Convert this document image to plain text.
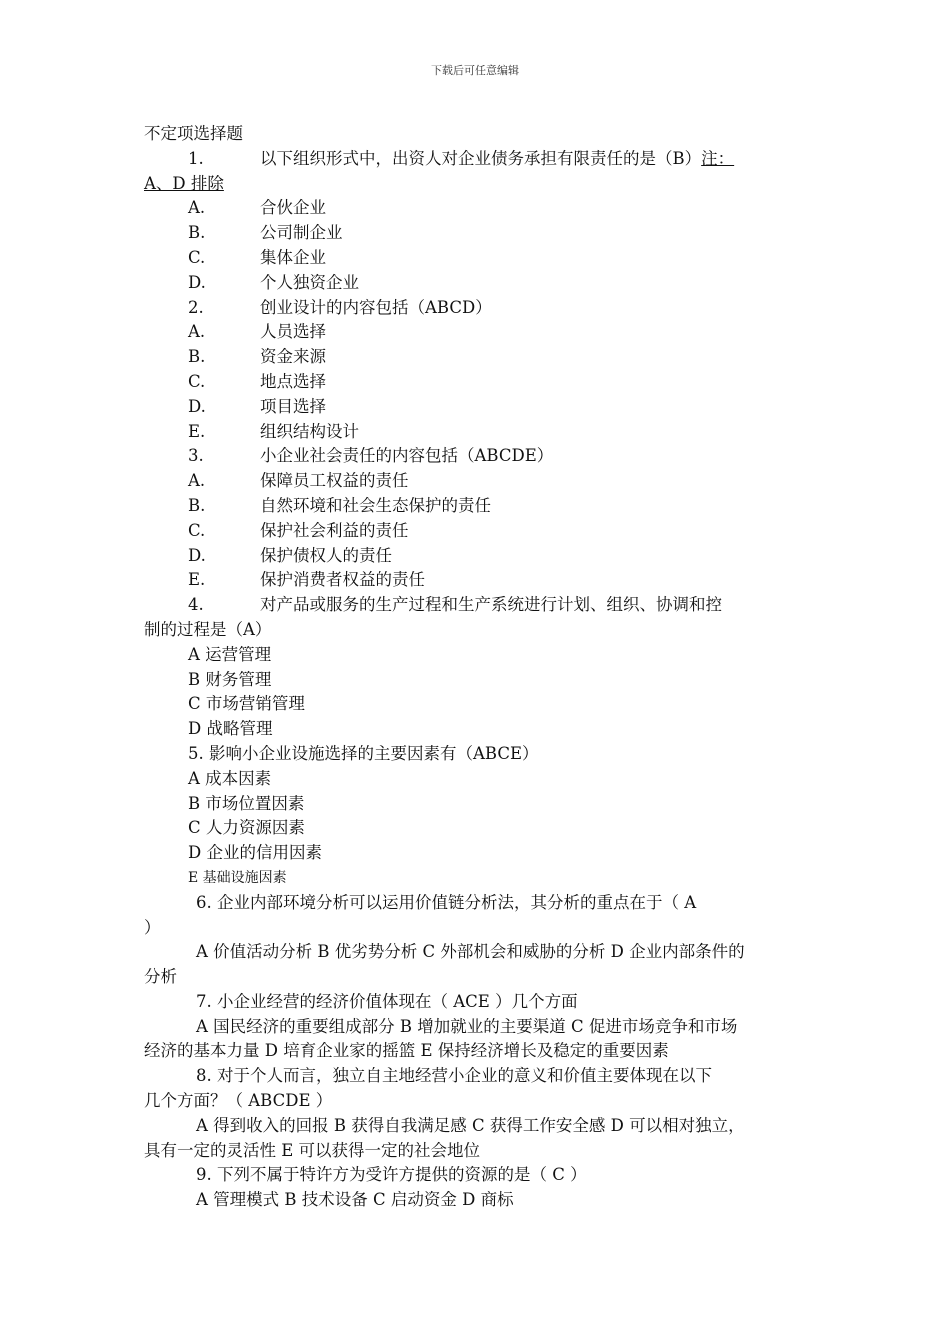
下载后可任意编辑
不定项选择题
1.	以下组织形式中，出资人对企业债务承担有限责任的是（B）注：
A、D 排除
A.	合伙企业
B.	公司制企业
C.	集体企业
D.	个人独资企业
2.	创业设计的内容包括（ABCD）
A.	人员选择
B.	资金来源
C.	地点选择
D.	项目选择
E.	组织结构设计
3.	小企业社会责任的内容包括（ABCDE）
A.	保障员工权益的责任
B.	自然环境和社会生态保护的责任
C.	保护社会利益的责任
D.	保护债权人的责任
E.	保护消费者权益的责任
4.	对产品或服务的生产过程和生产系统进行计划、组织、协调和控
制的过程是（A）
A 运营管理
B 财务管理
C 市场营销管理
D 战略管理
5. 影响小企业设施选择的主要因素有（ABCE）
A 成本因素
B 市场位置因素
C 人力资源因素
D 企业的信用因素
E 基础设施因素
6. 企业内部环境分析可以运用价值链分析法，其分析的重点在于（ A
）
A 价值活动分析 B 优劣势分析 C 外部机会和威胁的分析 D 企业内部条件的
分析
7. 小企业经营的经济价值体现在（ ACE ）几个方面
A 国民经济的重要组成部分 B 增加就业的主要渠道 C 促进市场竞争和市场
经济的基本力量 D 培育企业家的摇篮 E 保持经济增长及稳定的重要因素
8. 对于个人而言，独立自主地经营小企业的意义和价值主要体现在以下
几个方面？（ ABCDE ）
A 得到收入的回报 B 获得自我满足感 C 获得工作安全感 D 可以相对独立，
具有一定的灵活性 E 可以获得一定的社会地位
9. 下列不属于特许方为受许方提供的资源的是（ C ）
A 管理模式 B 技术设备 C 启动资金 D 商标
